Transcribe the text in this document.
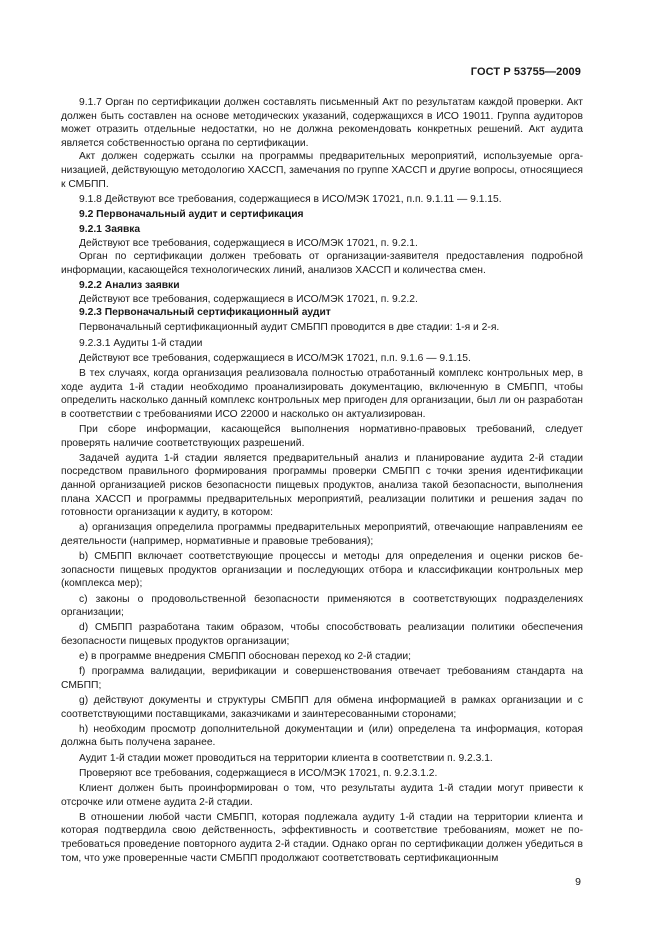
ГОСТ Р 53755—2009

9.1.7 Орган по сертификации должен составлять письменный Акт по результатам каждой проверки. Акт должен быть составлен на основе методических указаний, содержащихся в ИСО 19011. Группа аудиторов может отразить отдельные недостатки, но не должна рекомендовать конкретных решений. Акт аудита является собственностью органа по сертификации.

Акт должен содержать ссылки на программы предварительных мероприятий, используемые организацией, действующую методологию ХАССП, замечания по группе ХАССП и другие вопросы, относящиеся к СМБПП.

9.1.8 Действуют все требования, содержащиеся в ИСО/МЭК 17021, п.п. 9.1.11 — 9.1.15.

9.2 Первоначальный аудит и сертификация

9.2.1 Заявка

Действуют все требования, содержащиеся в ИСО/МЭК 17021, п. 9.2.1.

Орган по сертификации должен требовать от организации-заявителя предоставления подробной информации, касающейся технологических линий, анализов ХАССП и количества смен.

9.2.2 Анализ заявки

Действуют все требования, содержащиеся в ИСО/МЭК 17021, п. 9.2.2.

9.2.3 Первоначальный сертификационный аудит

Первоначальный сертификационный аудит СМБПП проводится в две стадии: 1-я и 2-я.

9.2.3.1 Аудиты 1-й стадии

Действуют все требования, содержащиеся в ИСО/МЭК 17021, п.п. 9.1.6 — 9.1.15.

В тех случаях, когда организация реализовала полностью отработанный комплекс контрольных мер, в ходе аудита 1-й стадии необходимо проанализировать документацию, включенную в СМБПП, чтобы определить насколько данный комплекс контрольных мер пригоден для организации, был ли он разработан в соответствии с требованиями ИСО 22000 и насколько он актуализирован.

При сборе информации, касающейся выполнения нормативно-правовых требований, следует проверять наличие соответствующих разрешений.

Задачей аудита 1-й стадии является предварительный анализ и планирование аудита 2-й стадии посредством правильного формирования программы проверки СМБПП с точки зрения идентификации данной организацией рисков безопасности пищевых продуктов, анализа такой безопасности, выполнения плана ХАССП и программы предварительных мероприятий, реализации политики и решения задач по готовности организации к аудиту, в котором:

а) организация определила программы предварительных мероприятий, отвечающие направлениям ее деятельности (например, нормативные и правовые требования);

b) СМБПП включает соответствующие процессы и методы для определения и оценки рисков безопасности пищевых продуктов организации и последующих отбора и классификации контрольных мер (комплекса мер);

c) законы о продовольственной безопасности применяются в соответствующих подразделениях организации;

d) СМБПП разработана таким образом, чтобы способствовать реализации политики обеспечения безопасности пищевых продуктов организации;

e) в программе внедрения СМБПП обоснован переход ко 2-й стадии;

f) программа валидации, верификации и совершенствования отвечает требованиям стандарта на СМБПП;

g) действуют документы и структуры СМБПП для обмена информацией в рамках организации и с соответствующими поставщиками, заказчиками и заинтересованными сторонами;

h) необходим просмотр дополнительной документации и (или) определена та информация, которая должна быть получена заранее.

Аудит 1-й стадии может проводиться на территории клиента в соответствии п. 9.2.3.1.

Проверяют все требования, содержащиеся в ИСО/МЭК 17021, п. 9.2.3.1.2.

Клиент должен быть проинформирован о том, что результаты аудита 1-й стадии могут привести к отсрочке или отмене аудита 2-й стадии.

В отношении любой части СМБПП, которая подлежала аудиту 1-й стадии на территории клиента и которая подтвердила свою действенность, эффективность и соответствие требованиям, может не потребоваться проведение повторного аудита 2-й стадии. Однако орган по сертификации должен убедиться в том, что уже проверенные части СМБПП продолжают соответствовать сертификационным

9
